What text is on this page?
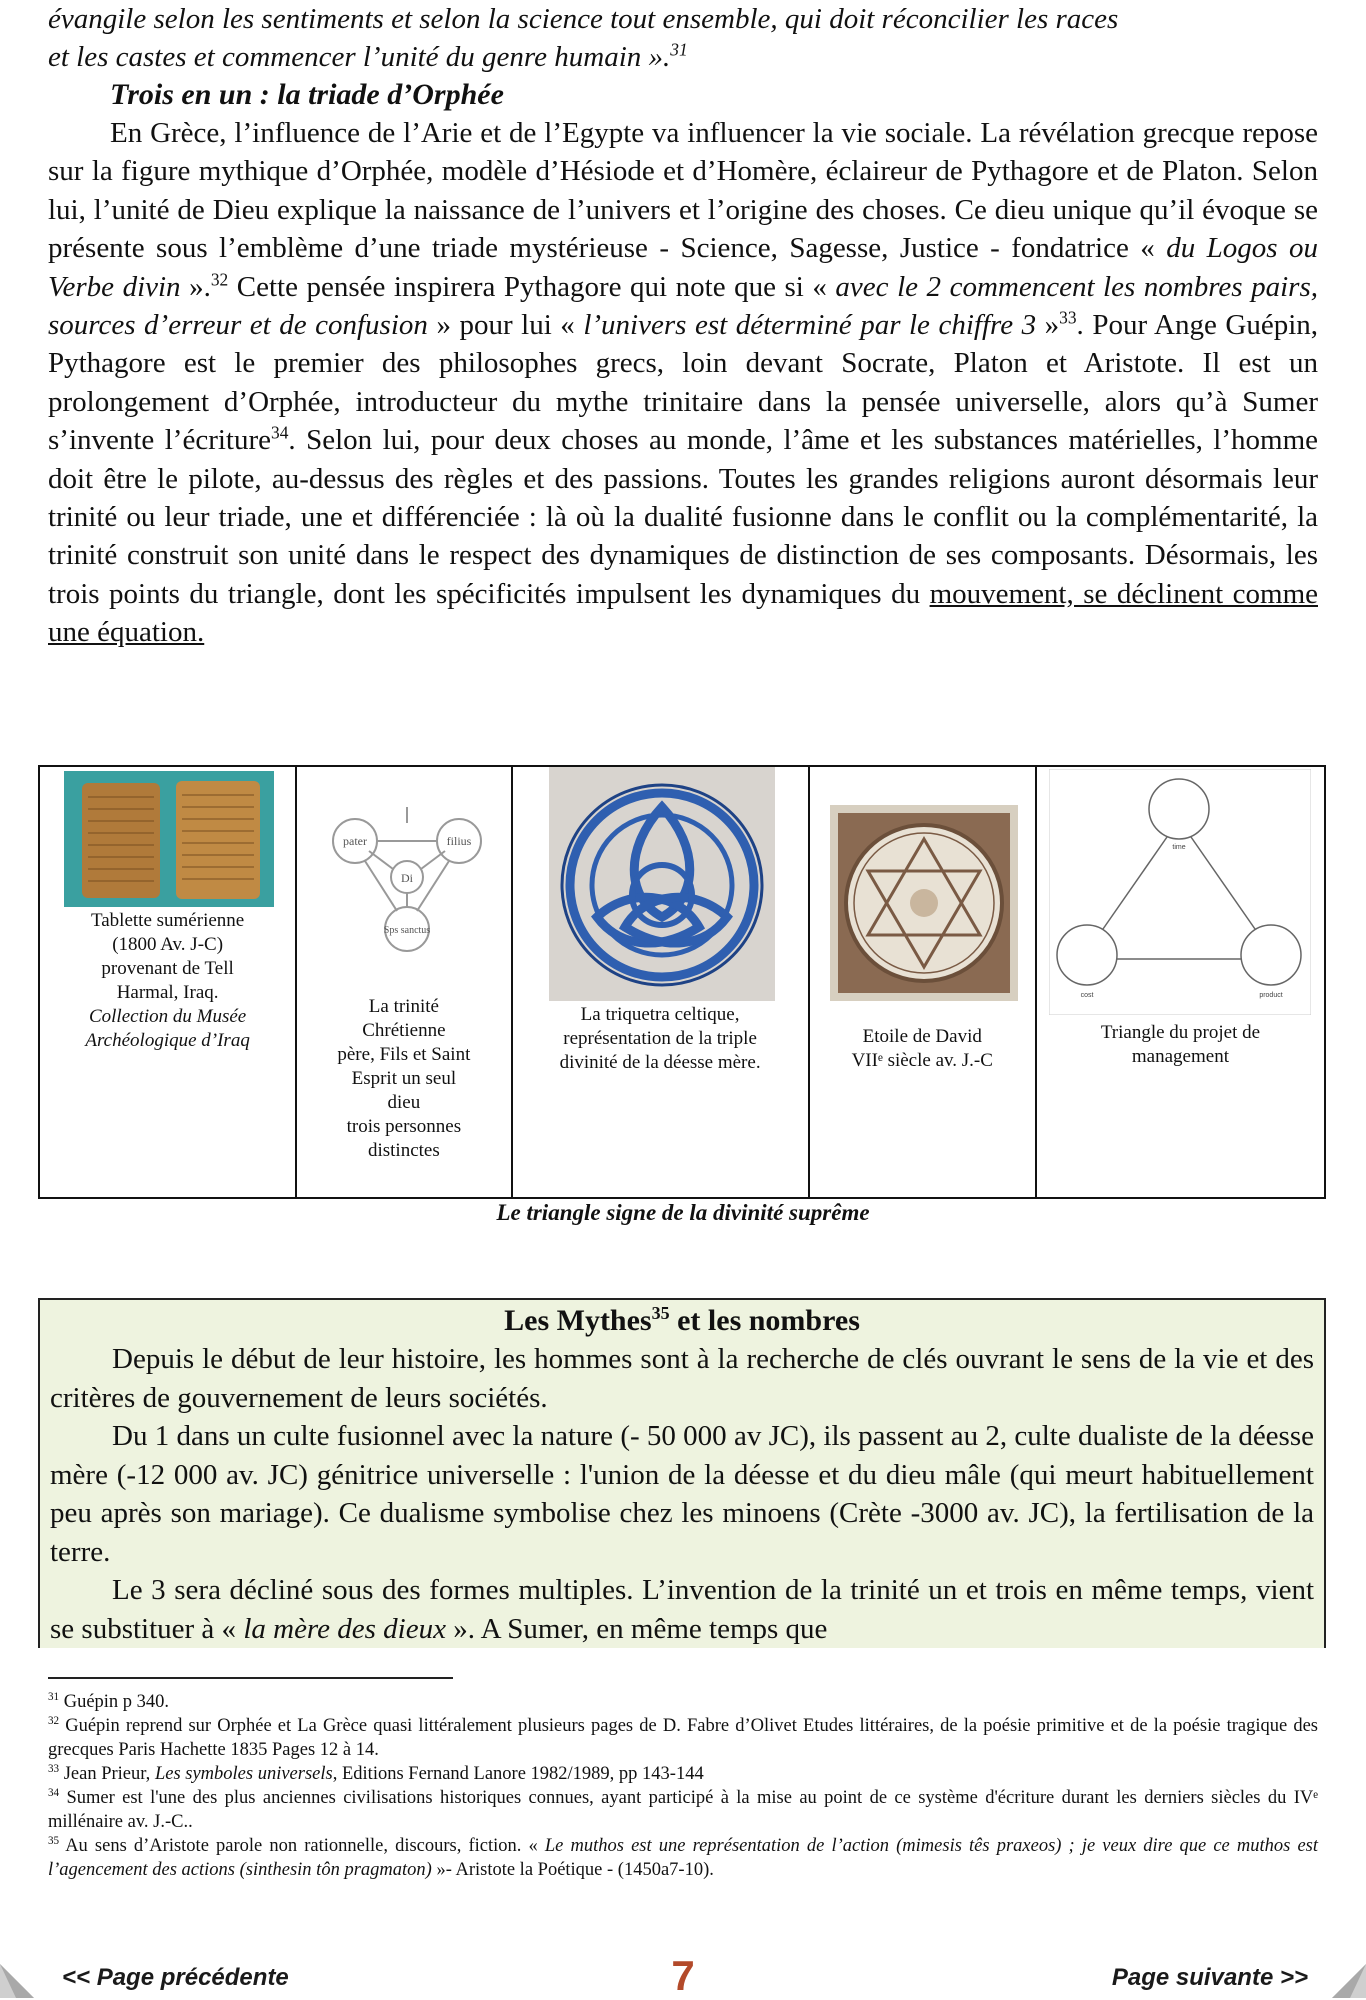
évangile selon les sentiments et selon la science tout ensemble, qui doit réconcilier les races
et les castes et commencer l’unité du genre humain ».$^{31}$

Trois en un : la triade d’Orphée

En Grèce, l’influence de l’Arie et de l’Egypte va influencer la vie sociale. La révélation grecque repose sur la figure mythique d’Orphée, modèle d’Hésiode et d’Homère, éclaireur de Pythagore et de Platon. Selon lui, l’unité de Dieu explique la naissance de l’univers et l’origine des choses. Ce dieu unique qu’il évoque se présente sous l’emblème d’une triade mystérieuse - Science, Sagesse, Justice - fondatrice « du Logos ou Verbe divin ».$^{32}$ Cette pensée inspirera Pythagore qui note que si « avec le 2 commencent les nombres pairs, sources d’erreur et de confusion » pour lui « l’univers est déterminé par le chiffre 3 »$^{33}$. Pour Ange Guépin, Pythagore est le premier des philosophes grecs, loin devant Socrate, Platon et Aristote. Il est un prolongement d’Orphée, introducteur du mythe trinitaire dans la pensée universelle, alors qu’à Sumer s’invente l’écriture$^{34}$. Selon lui, pour deux choses au monde, l’âme et les substances matérielles, l’homme doit être le pilote, au-dessus des règles et des passions. Toutes les grandes religions auront désormais leur trinité ou leur triade, une et différenciée : là où la dualité fusionne dans le conflit ou la complémentarité, la trinité construit son unité dans le respect des dynamiques de distinction de ses composants. Désormais, les trois points du triangle, dont les spécificités impulsent les dynamiques du mouvement, se déclinent comme une équation.

Tablette sumérienne
(1800 Av. J-C)
provenant de Tell
Harmal, Iraq.
Collection du Musée
Archéologique d’Iraq
pater	filius
Di
Sps sanctus
La trinité
Chrétienne
père, Fils et Saint
Esprit un seul
dieu
trois personnes
distinctes
La triquetra celtique,
représentation de la triple
divinité de la déesse mère.
Etoile de David
VIIᵉ siècle av. J.-C
time
cost	product
Triangle du projet de
management
Le triangle signe de la divinité suprême

Les Mythes$^{35}$ et les nombres

Depuis le début de leur histoire, les hommes sont à la recherche de clés ouvrant le sens de la vie et des critères de gouvernement de leurs sociétés.

Du 1 dans un culte fusionnel avec la nature (- 50 000 av JC), ils passent au 2, culte dualiste de la déesse mère (-12 000 av. JC) génitrice universelle : l'union de la déesse et du dieu mâle (qui meurt habituellement peu après son mariage). Ce dualisme symbolise chez les minoens (Crète -3000 av. JC), la fertilisation de la terre.

Le 3 sera décliné sous des formes multiples. L’invention de la trinité un et trois en même temps, vient se substituer à « la mère des dieux ». A Sumer, en même temps que

$^{31}$ Guépin p 340.

$^{32}$ Guépin reprend sur Orphée et La Grèce quasi littéralement plusieurs pages de D. Fabre d’Olivet Etudes littéraires, de la poésie primitive et de la poésie tragique des grecques Paris Hachette 1835 Pages 12 à 14.

$^{33}$ Jean Prieur, Les symboles universels, Editions Fernand Lanore 1982/1989, pp 143-144

$^{34}$ Sumer est l'une des plus anciennes civilisations historiques connues, ayant participé à la mise au point de ce système d'écriture durant les derniers siècles du IVᵉ millénaire av. J.-C..

$^{35}$ Au sens d’Aristote parole non rationnelle, discours, fiction. « Le muthos est une représentation de l’action (mimesis tês praxeos) ; je veux dire que ce muthos est l’agencement des actions (sinthesin tôn pragmaton) »- Aristote la Poétique - (1450a7-10).

<< Page précédente	7	Page suivante >>
